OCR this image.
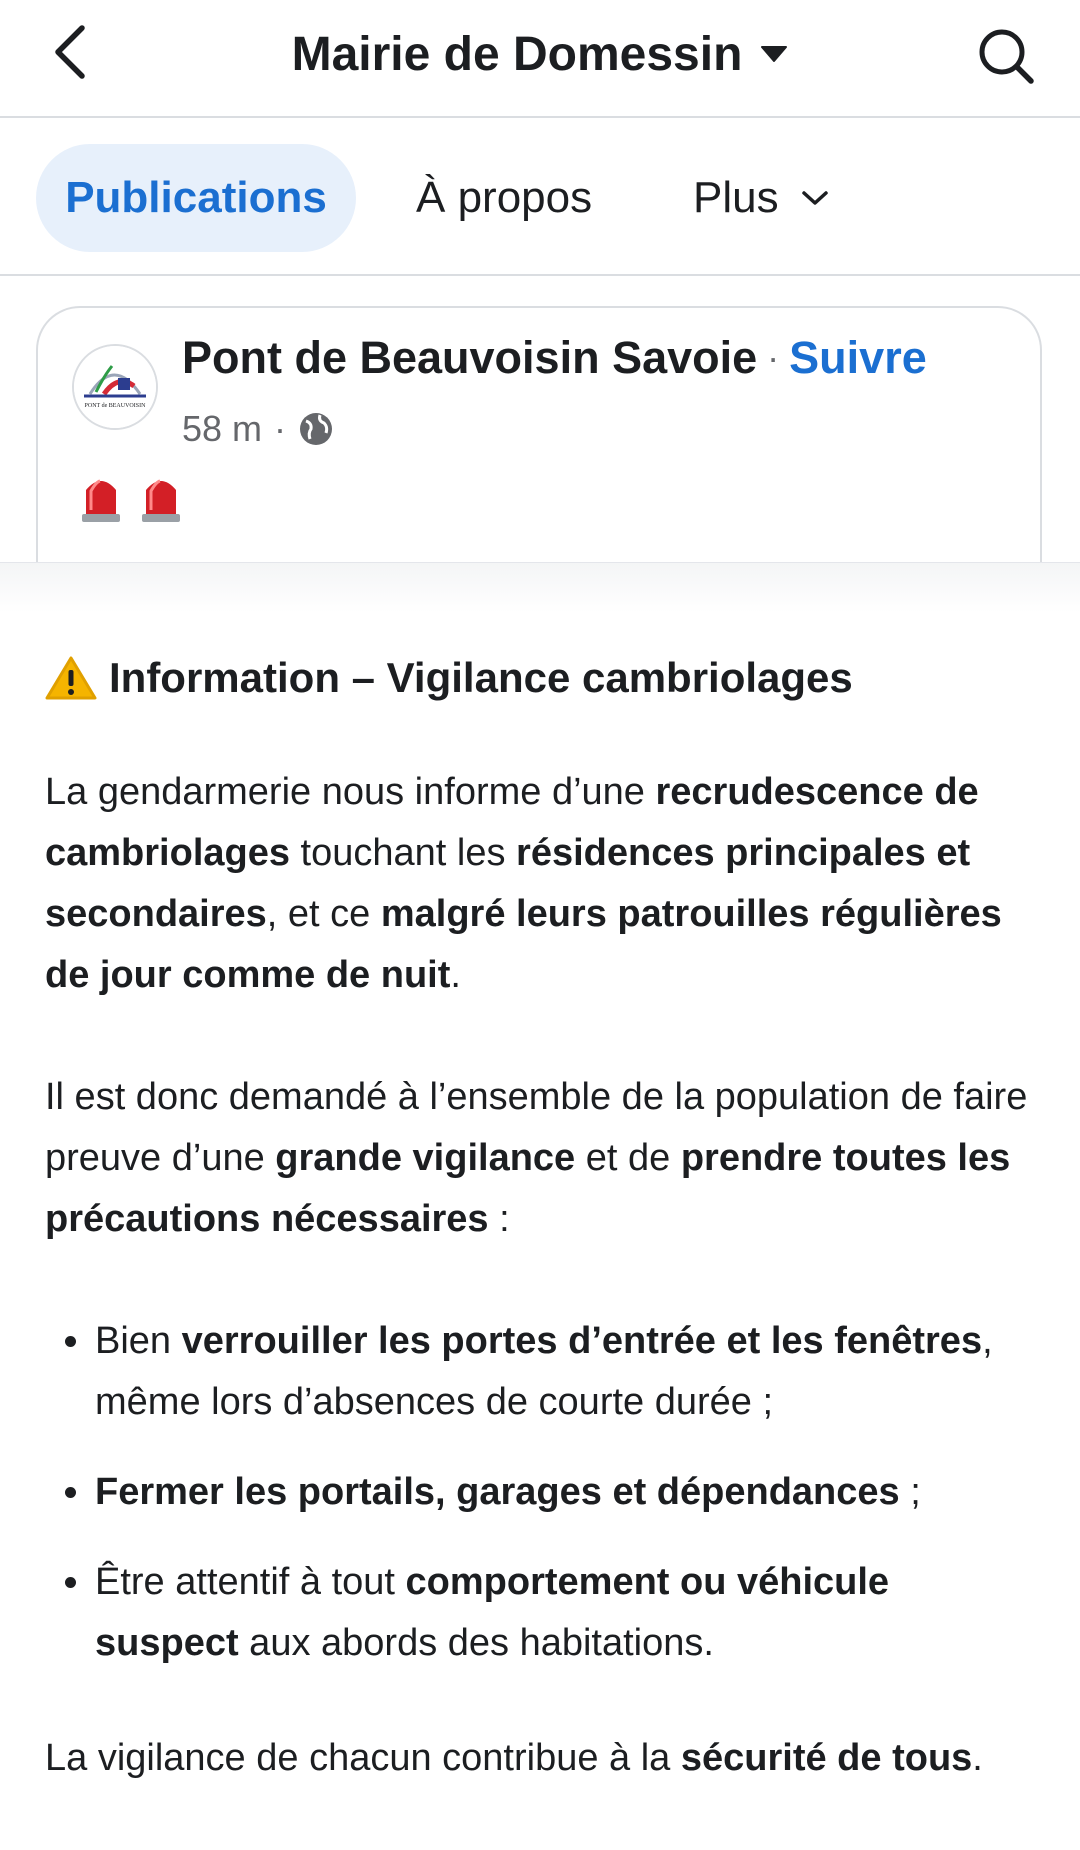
Mairie de Domessin
Publications À propos Plus
PONT de BEAUVOISIN
Pont de Beauvoisin Savoie · Suivre
58 m ·
Information – Vigilance cambriolages

La gendarmerie nous informe d’une recrudescence de cambriolages touchant les résidences principales et secondaires, et ce malgré leurs patrouilles régulières de jour comme de nuit.

Il est donc demandé à l’ensemble de la population de faire preuve d’une grande vigilance et de prendre toutes les précautions nécessaires :

Bien verrouiller les portes d’entrée et les fenêtres, même lors d’absences de courte durée ;
Fermer les portails, garages et dépendances ;
Être attentif à tout comportement ou véhicule suspect aux abords des habitations.

La vigilance de chacun contribue à la sécurité de tous.
